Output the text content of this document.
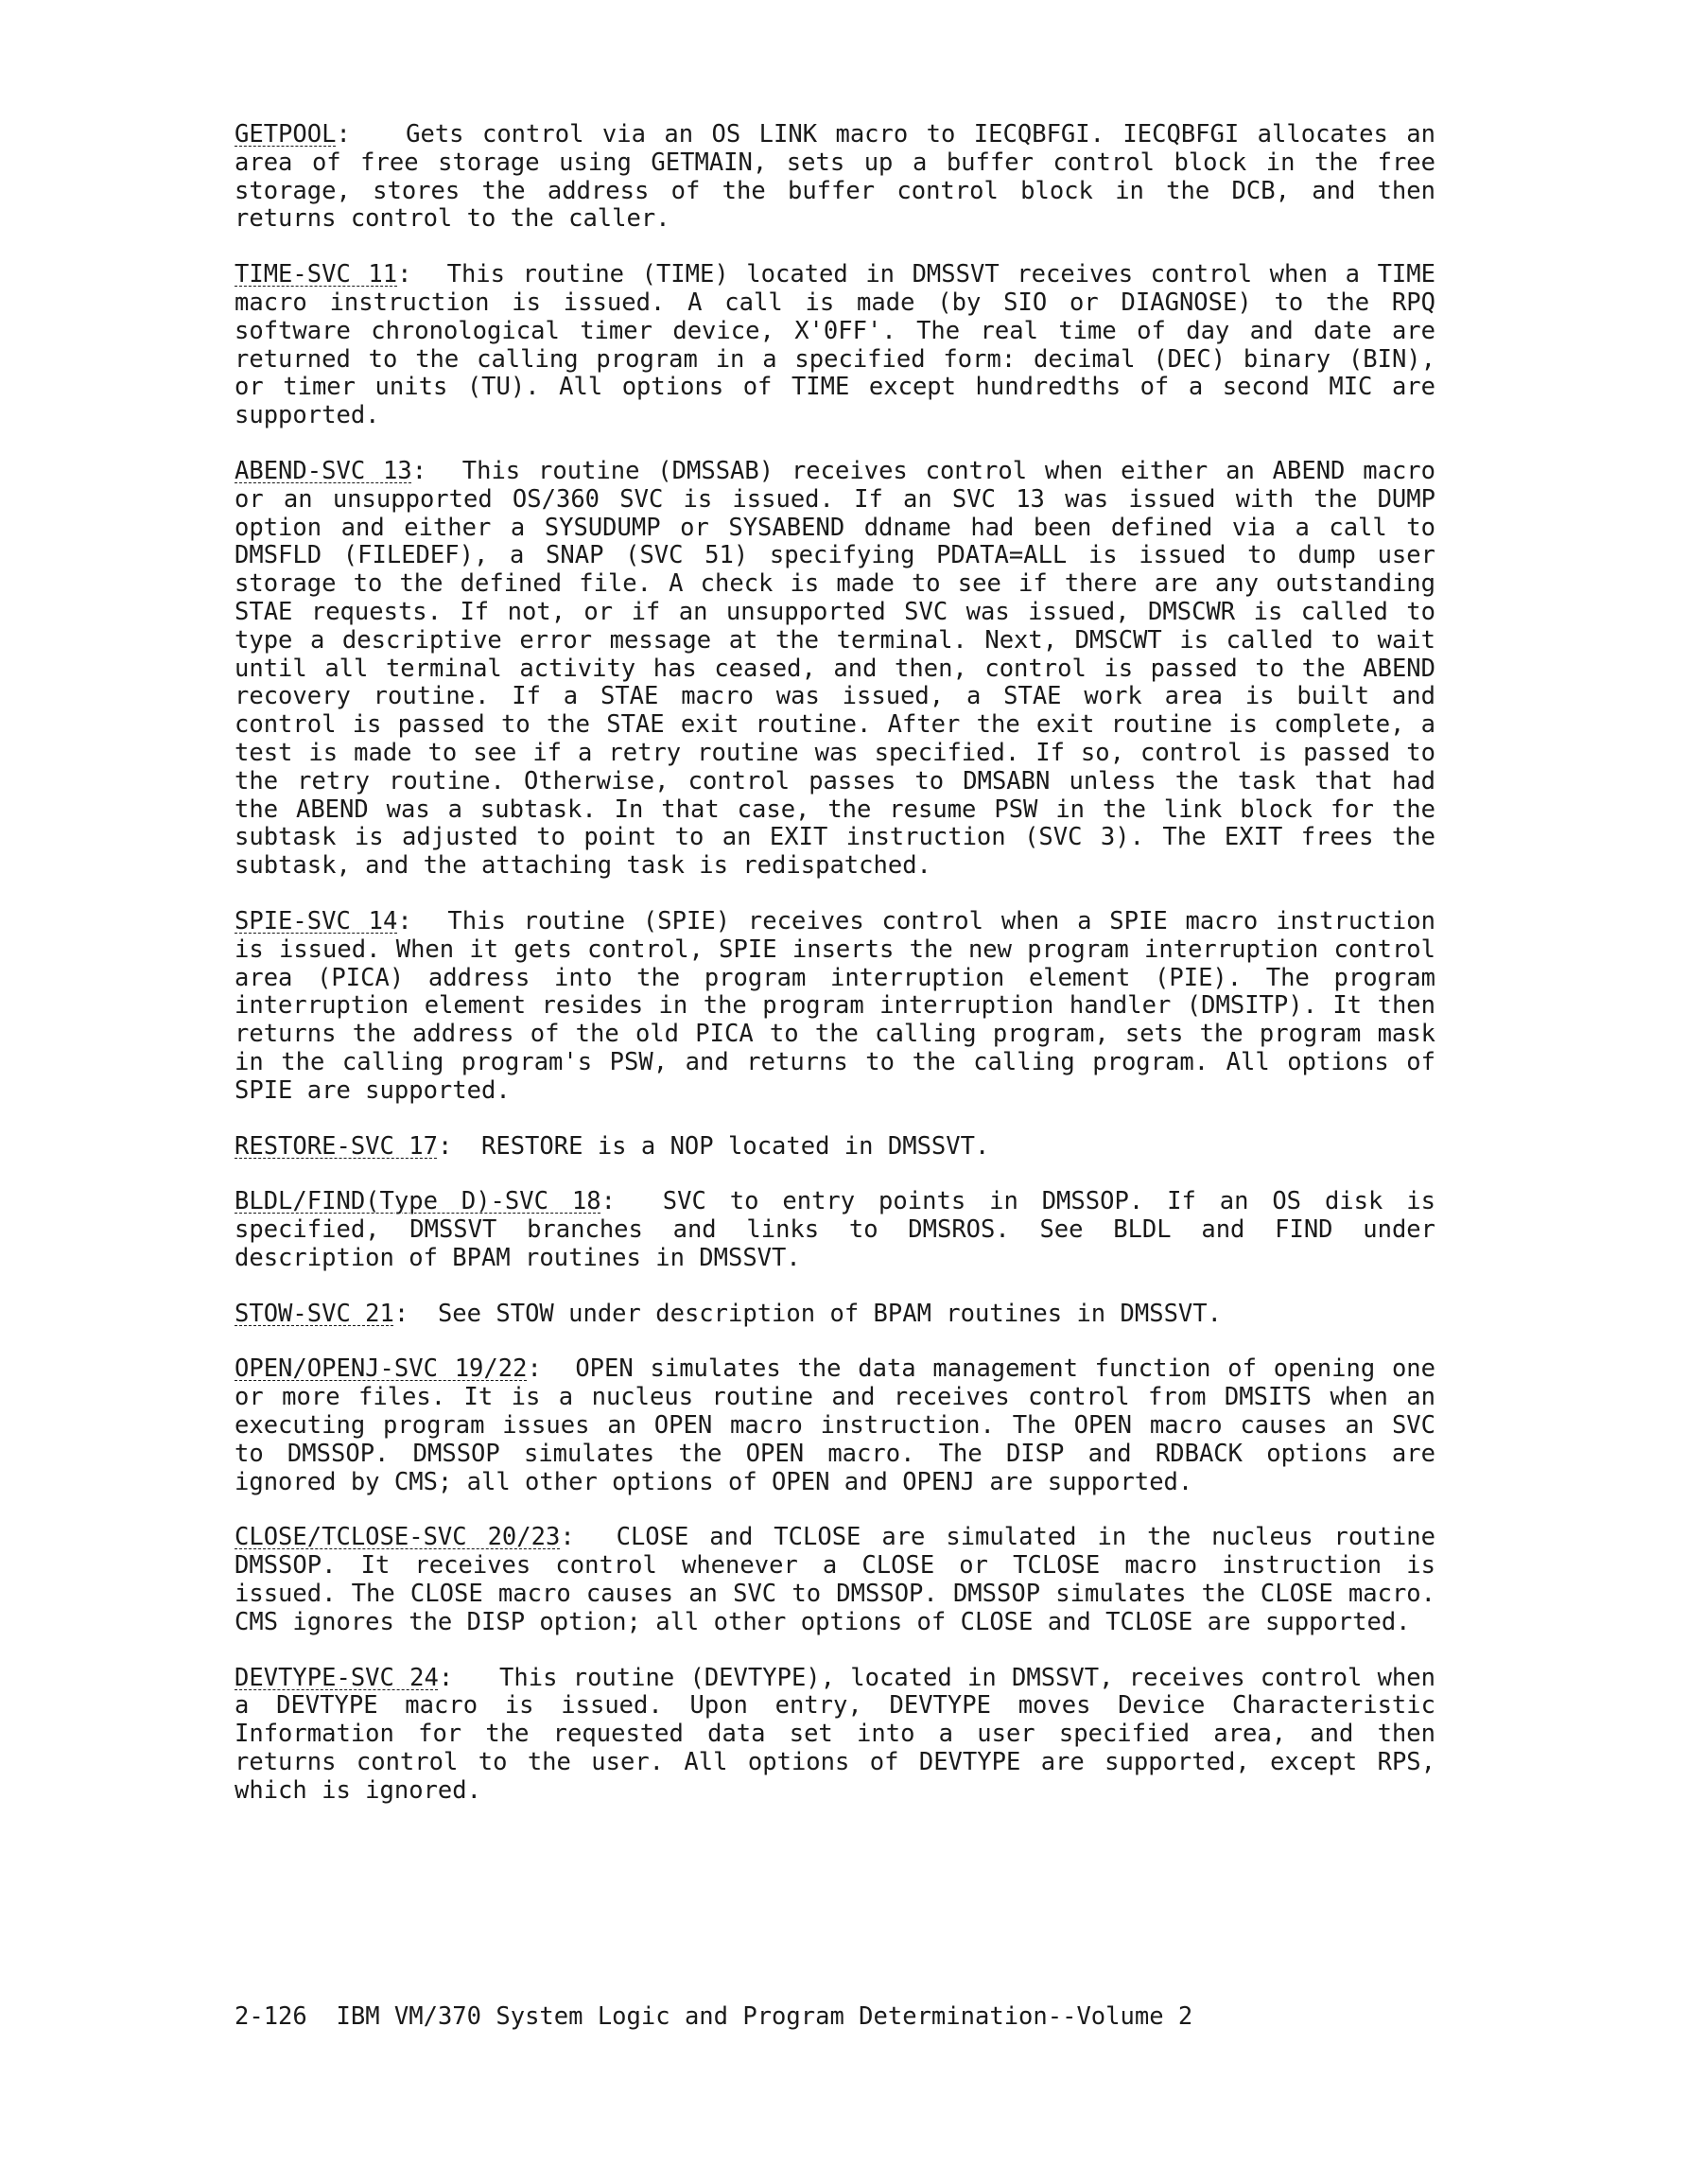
GETPOOL:   Gets control via an OS LINK macro to IECQBFGI. IECQBFGI allocates an area of free storage using GETMAIN, sets up a buffer control block in the free storage, stores the address of the buffer control block in the DCB, and then returns control to the caller.

TIME-SVC 11:  This routine (TIME) located in DMSSVT receives control when a TIME macro instruction is issued. A call is made (by SIO or DIAGNOSE) to the RPQ software chronological timer device, X'0FF'. The real time of day and date are returned to the calling program in a specified form: decimal (DEC) binary (BIN), or timer units (TU). All options of TIME except hundredths of a second MIC are supported.

ABEND-SVC 13:  This routine (DMSSAB) receives control when either an ABEND macro or an unsupported OS/360 SVC is issued. If an SVC 13 was issued with the DUMP option and either a SYSUDUMP or SYSABEND ddname had been defined via a call to DMSFLD (FILEDEF), a SNAP (SVC 51) specifying PDATA=ALL is issued to dump user storage to the defined file. A check is made to see if there are any outstanding STAE requests. If not, or if an unsupported SVC was issued, DMSCWR is called to type a descriptive error message at the terminal. Next, DMSCWT is called to wait until all terminal activity has ceased, and then, control is passed to the ABEND recovery routine. If a STAE macro was issued, a STAE work area is built and control is passed to the STAE exit routine. After the exit routine is complete, a test is made to see if a retry routine was specified. If so, control is passed to the retry routine. Otherwise, control passes to DMSABN unless the task that had the ABEND was a subtask. In that case, the resume PSW in the link block for the subtask is adjusted to point to an EXIT instruction (SVC 3). The EXIT frees the subtask, and the attaching task is redispatched.

SPIE-SVC 14:  This routine (SPIE) receives control when a SPIE macro instruction is issued. When it gets control, SPIE inserts the new program interruption control area (PICA) address into the program interruption element (PIE). The program interruption element resides in the program interruption handler (DMSITP). It then returns the address of the old PICA to the calling program, sets the program mask in the calling program's PSW, and returns to the calling program. All options of SPIE are supported.

RESTORE-SVC 17:  RESTORE is a NOP located in DMSSVT.

BLDL/FIND(Type D)-SVC 18:  SVC to entry points in DMSSOP. If an OS disk is specified, DMSSVT branches and links to DMSROS. See BLDL and FIND under description of BPAM routines in DMSSVT.

STOW-SVC 21:  See STOW under description of BPAM routines in DMSSVT.

OPEN/OPENJ-SVC 19/22:  OPEN simulates the data management function of opening one or more files. It is a nucleus routine and receives control from DMSITS when an executing program issues an OPEN macro instruction. The OPEN macro causes an SVC to DMSSOP. DMSSOP simulates the OPEN macro. The DISP and RDBACK options are ignored by CMS; all other options of OPEN and OPENJ are supported.

CLOSE/TCLOSE-SVC 20/23:  CLOSE and TCLOSE are simulated in the nucleus routine DMSSOP. It receives control whenever a CLOSE or TCLOSE macro instruction is issued. The CLOSE macro causes an SVC to DMSSOP. DMSSOP simulates the CLOSE macro. CMS ignores the DISP option; all other options of CLOSE and TCLOSE are supported.

DEVTYPE-SVC 24:   This routine (DEVTYPE), located in DMSSVT, receives control when a DEVTYPE macro is issued. Upon entry, DEVTYPE moves Device Characteristic Information for the requested data set into a user specified area, and then returns control to the user. All options of DEVTYPE are supported, except RPS, which is ignored.

2-126 IBM VM/370 System Logic and Program Determination--Volume 2
